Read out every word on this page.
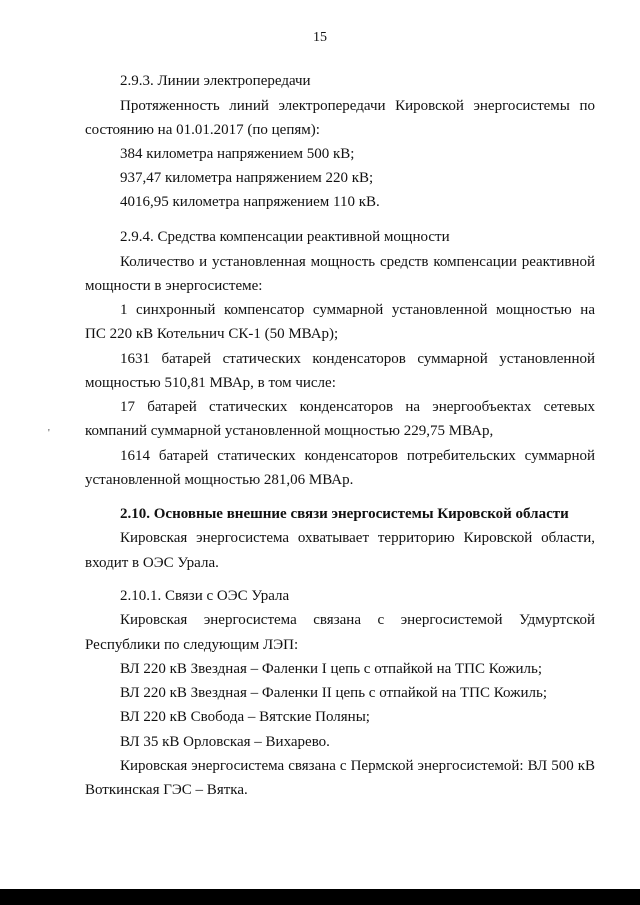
15
2.9.3. Линии электропередачи
Протяженность линий электропередачи Кировской энергосистемы по
состоянию на 01.01.2017 (по цепям):
384 километра напряжением 500 кВ;
937,47 километра напряжением 220 кВ;
4016,95 километра напряжением 110 кВ.
2.9.4. Средства компенсации реактивной мощности
Количество и установленная мощность средств компенсации реактивной
мощности в энергосистеме:
1 синхронный компенсатор суммарной установленной мощностью на
ПС 220 кВ Котельнич СК-1 (50 МВАр);
1631 батарей статических конденсаторов суммарной установленной
мощностью 510,81 МВАр, в том числе:
17 батарей статических конденсаторов на энергообъектах сетевых
компаний суммарной установленной мощностью 229,75 МВАр,
1614 батарей статических конденсаторов потребительских суммарной
установленной мощностью 281,06 МВАр.
2.10. Основные внешние связи энергосистемы Кировской области
Кировская энергосистема охватывает территорию Кировской области,
входит в ОЭС Урала.
2.10.1. Связи с ОЭС Урала
Кировская энергосистема связана с энергосистемой Удмуртской
Республики по следующим ЛЭП:
ВЛ 220 кВ Звездная – Фаленки I цепь с отпайкой на ТПС Кожиль;
ВЛ 220 кВ Звездная – Фаленки II цепь с отпайкой на ТПС Кожиль;
ВЛ 220 кВ Свобода – Вятские Поляны;
ВЛ 35 кВ Орловская – Вихарево.
Кировская энергосистема связана с Пермской энергосистемой: ВЛ 500 кВ
Воткинская ГЭС – Вятка.
'
